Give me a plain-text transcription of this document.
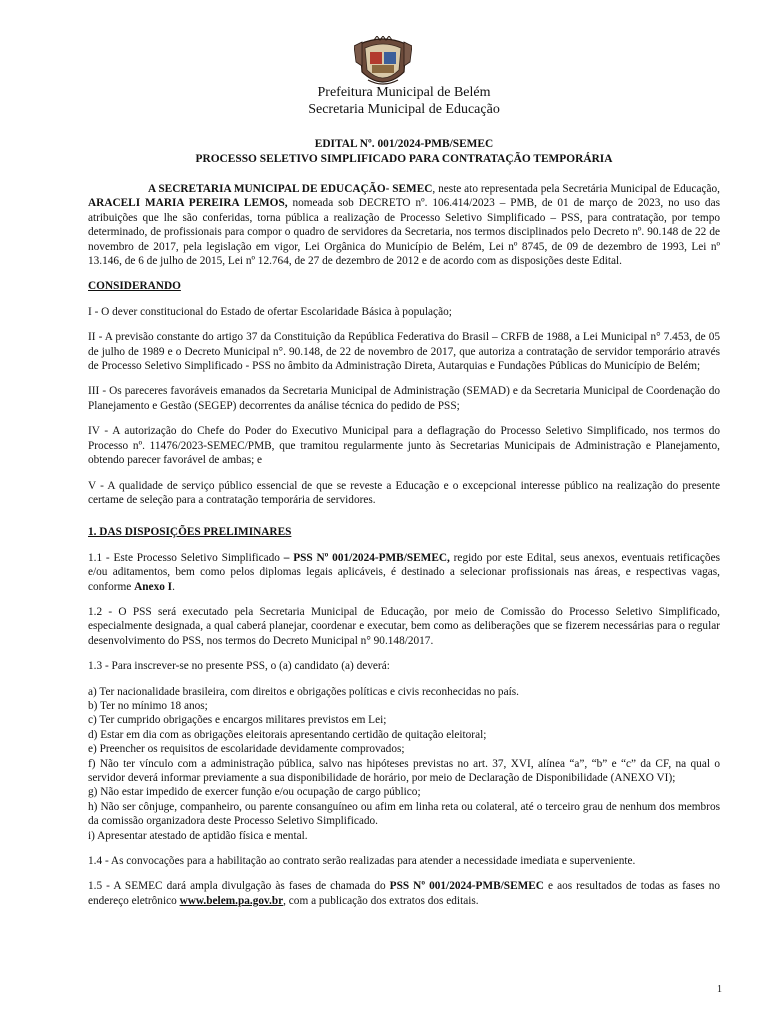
Prefeitura Municipal de Belém
Secretaria Municipal de Educação
EDITAL Nº. 001/2024-PMB/SEMEC
PROCESSO SELETIVO SIMPLIFICADO PARA CONTRATAÇÃO TEMPORÁRIA

A SECRETARIA MUNICIPAL DE EDUCAÇÃO- SEMEC, neste ato representada pela Secretária Municipal de Educação, ARACELI MARIA PEREIRA LEMOS, nomeada sob DECRETO nº. 106.414/2023 – PMB, de 01 de março de 2023, no uso das atribuições que lhe são conferidas, torna pública a realização de Processo Seletivo Simplificado – PSS, para contratação, por tempo determinado, de profissionais para compor o quadro de servidores da Secretaria, nos termos disciplinados pelo Decreto nº. 90.148 de 22 de novembro de 2017, pela legislação em vigor, Lei Orgânica do Município de Belém, Lei nº 8745, de 09 de dezembro de 1993, Lei nº 13.146, de 6 de julho de 2015, Lei nº 12.764, de 27 de dezembro de 2012 e de acordo com as disposições deste Edital.

CONSIDERANDO

I - O dever constitucional do Estado de ofertar Escolaridade Básica à população;

II - A previsão constante do artigo 37 da Constituição da República Federativa do Brasil – CRFB de 1988, a Lei Municipal n° 7.453, de 05 de julho de 1989 e o Decreto Municipal n°. 90.148, de 22 de novembro de 2017, que autoriza a contratação de servidor temporário através de Processo Seletivo Simplificado - PSS no âmbito da Administração Direta, Autarquias e Fundações Públicas do Município de Belém;

III - Os pareceres favoráveis emanados da Secretaria Municipal de Administração (SEMAD) e da Secretaria Municipal de Coordenação do Planejamento e Gestão (SEGEP) decorrentes da análise técnica do pedido de PSS;

IV - A autorização do Chefe do Poder do Executivo Municipal para a deflagração do Processo Seletivo Simplificado, nos termos do Processo nº. 11476/2023-SEMEC/PMB, que tramitou regularmente junto às Secretarias Municipais de Administração e Planejamento, obtendo parecer favorável de ambas; e

V - A qualidade de serviço público essencial de que se reveste a Educação e o excepcional interesse público na realização do presente certame de seleção para a contratação temporária de servidores.

1. DAS DISPOSIÇÕES PRELIMINARES

1.1 - Este Processo Seletivo Simplificado – PSS Nº 001/2024-PMB/SEMEC, regido por este Edital, seus anexos, eventuais retificações e/ou aditamentos, bem como pelos diplomas legais aplicáveis, é destinado a selecionar profissionais nas áreas, e respectivas vagas, conforme Anexo I.

1.2 - O PSS será executado pela Secretaria Municipal de Educação, por meio de Comissão do Processo Seletivo Simplificado, especialmente designada, a qual caberá planejar, coordenar e executar, bem como as deliberações que se fizerem necessárias para o regular desenvolvimento do PSS, nos termos do Decreto Municipal n° 90.148/2017.

1.3 - Para inscrever-se no presente PSS, o (a) candidato (a) deverá:

a) Ter nacionalidade brasileira, com direitos e obrigações políticas e civis reconhecidas no país.

b) Ter no mínimo 18 anos;

c) Ter cumprido obrigações e encargos militares previstos em Lei;

d) Estar em dia com as obrigações eleitorais apresentando certidão de quitação eleitoral;

e) Preencher os requisitos de escolaridade devidamente comprovados;

f) Não ter vínculo com a administração pública, salvo nas hipóteses previstas no art. 37, XVI, alínea “a”, “b” e “c” da CF, na qual o servidor deverá informar previamente a sua disponibilidade de horário, por meio de Declaração de Disponibilidade (ANEXO VI);

g) Não estar impedido de exercer função e/ou ocupação de cargo público;

h) Não ser cônjuge, companheiro, ou parente consanguíneo ou afim em linha reta ou colateral, até o terceiro grau de nenhum dos membros da comissão organizadora deste Processo Seletivo Simplificado.

i) Apresentar atestado de aptidão física e mental.

1.4 - As convocações para a habilitação ao contrato serão realizadas para atender a necessidade imediata e superveniente.

1.5 - A SEMEC dará ampla divulgação às fases de chamada do PSS Nº 001/2024-PMB/SEMEC e aos resultados de todas as fases no endereço eletrônico www.belem.pa.gov.br, com a publicação dos extratos dos editais.

1
